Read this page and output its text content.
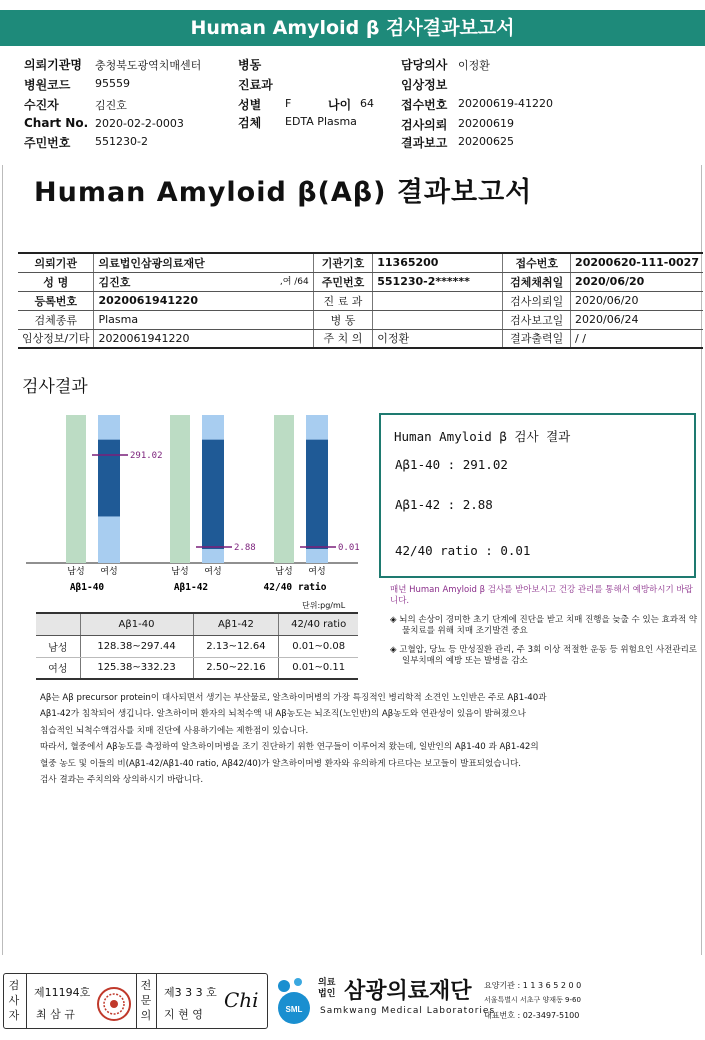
Human Amyloid β 검사결과보고서
의뢰기관명 충청북도광역치매센터
병원코드 95559
수진자	김진호
Chart No. 2020-02-2-0003
주민번호 551230-2
병동
진료과
성별 F	나이 64
검체 EDTA Plasma
담당의사 이정환
임상정보
접수번호 20200619-41220
검사의뢰 20200619
결과보고 20200625
Human Amyloid β(Aβ) 결과보고서
의뢰기관	의료법인삼광의료재단	기관기호	11365200	접수번호	20200620-111-0027
성 명	김진호 ,여 /64	주민번호	551230-2******	검체채취일	2020/06/20
등록번호	2020061941220	진 료 과		검사의뢰일	2020/06/20
검체종류	Plasma	병 동		검사보고일	2020/06/24
임상정보/기타	2020061941220	주 치 의	이정환	결과출력일	/ /
검사결과
291.02
남성 여성
Aβ1-40
2.88
남성 여성
Aβ1-42
0.01
남성 여성
42/40 ratio
단위:pg/mL
	Aβ1-40	Aβ1-42	42/40 ratio
남성	128.38~297.44	2.13~12.64	0.01~0.08
여성	125.38~332.23	2.50~22.16	0.01~0.11
Human Amyloid β 검사 결과
Aβ1-40 : 291.02
Aβ1-42 : 2.88
42/40 ratio : 0.01
매년 Human Amyloid β 검사를 받아보시고 건강 관리를 통해서 예방하시기 바랍니다.
◈ 뇌의 손상이 경미한 초기 단계에 진단을 받고 치매 진행을 늦출 수 있는 효과적 약물치료를 위해 치매 조기발견 중요
◈ 고혈압, 당뇨 등 만성질환 관리, 주 3회 이상 적절한 운동 등 위험요인 사전관리로 일부치매의 예방 또는 발병을 감소
Aβ는 Aβ precursor protein이 대사되면서 생기는 부산물로, 알츠하이머병의 가장 특징적인 병리학적 소견인 노인반은 주로 Aβ1-40과
Aβ1-42가 침착되어 생깁니다. 알츠하이머 환자의 뇌척수액 내 Aβ농도는 뇌조직(노인반)의 Aβ농도와 연관성이 있음이 밝혀졌으나
침습적인 뇌척수액검사를 치매 진단에 사용하기에는 제한점이 있습니다.
따라서, 혈중에서 Aβ농도를 측정하여 알츠하이머병을 조기 진단하기 위한 연구들이 이루어져 왔는데, 일반인의 Aβ1-40 과 Aβ1-42의
혈중 농도 및 이들의 비(Aβ1-42/Aβ1-40 ratio, Aβ42/40)가 알츠하이머병 환자와 유의하게 다르다는 보고들이 발표되었습니다.
검사 결과는 주치의와 상의하시기 바랍니다.
검사자
제11194호
최 삼 규
전문의
제3 3 3 호
지 현 영
Chi	SML
의료법인 삼광의료재단
Samkwang Medical Laboratories
요양기관 : 1 1 3 6 5 2 0 0
서울특별시 서초구 양재동 9-60
대표번호 : 02-3497-5100
